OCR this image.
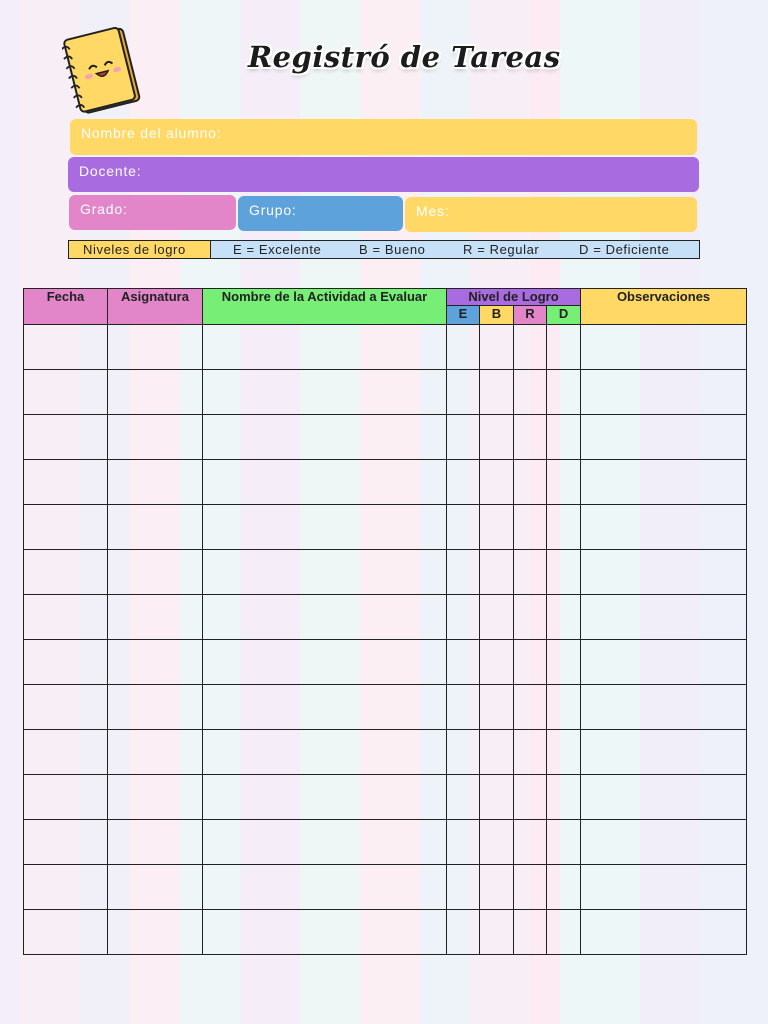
Registró de Tareas
Nombre del alumno:
Docente:
Grado:	Grupo:	Mes:
Niveles de logro	E = Excelente	B = Bueno	R = Regular	D = Deficiente
Fecha	Asignatura	Nombre de la Actividad a Evaluar	Nivel de Logro				Observaciones
			E	B	R	D	
